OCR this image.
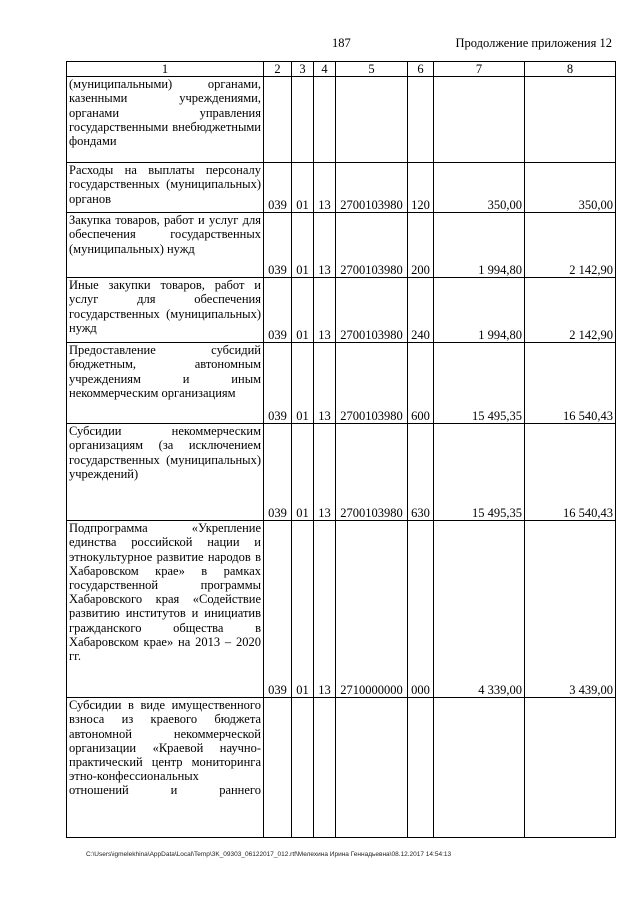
187	Продолжение приложения 12
1	2	3	4	5	6	7	8
(муниципальными) органами, казенными учреждениями, органами управления государственными внебюджетными фондами							
Расходы на выплаты персоналу государственных (муниципальных) органов	039	01	13	2700103980	120	350,00	350,00
Закупка товаров, работ и услуг для обеспечения государственных (муниципальных) нужд	039	01	13	2700103980	200	1 994,80	2 142,90
Иные закупки товаров, работ и услуг для обеспечения государственных (муниципальных) нужд	039	01	13	2700103980	240	1 994,80	2 142,90
Предоставление субсидий бюджетным, автономным учреждениям и иным некоммерческим организациям	039	01	13	2700103980	600	15 495,35	16 540,43
Субсидии некоммерческим организациям (за исключением государственных (муниципальных) учреждений)	039	01	13	2700103980	630	15 495,35	16 540,43
Подпрограмма «Укрепление единства российской нации и этнокультурное развитие народов в Хабаровском крае» в рамках государственной программы Хабаровского края «Содействие развитию институтов и инициатив гражданского общества в Хабаровском крае» на 2013 – 2020 гг.	039	01	13	2710000000	000	4 339,00	3 439,00
Субсидии в виде имущественного взноса из краевого бюджета автономной некоммерческой организации «Краевой научно-практический центр мониторинга этно-конфессиональных отношений и раннего							
C:\Users\igmelekhina\AppData\Local\Temp\3K_09303_06122017_012.rtf\Мелехина Ирина Геннадьевна\08.12.2017 14:54:13
